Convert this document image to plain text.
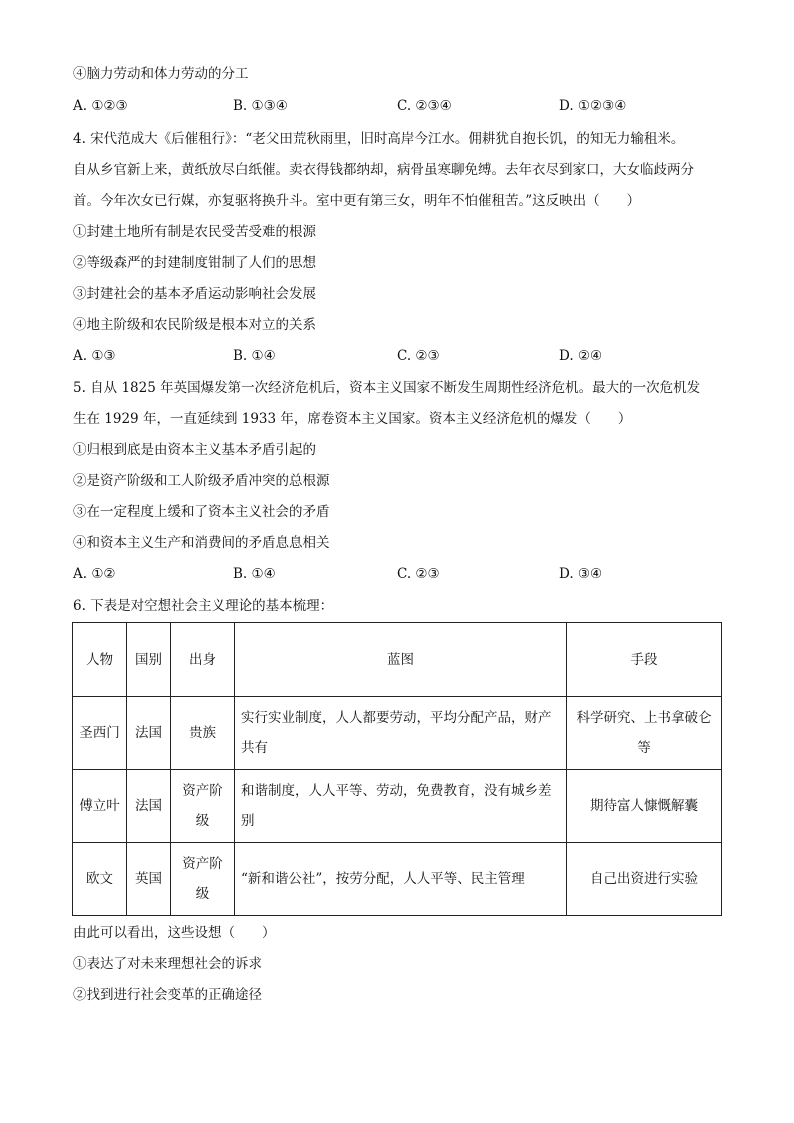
④脑力劳动和体力劳动的分工
A. ①②③	B. ①③④	C. ②③④	D. ①②③④
4. 宋代范成大《后催租行》：“老父田荒秋雨里，旧时高岸今江水。佣耕犹自抱长饥，的知无力输租米。
自从乡官新上来，黄纸放尽白纸催。卖衣得钱都纳却，病骨虽寒聊免缚。去年衣尽到家口，大女临歧两分
首。今年次女已行媒，亦复驱将换升斗。室中更有第三女，明年不怕催租苦。”这反映出（　　）
①封建土地所有制是农民受苦受难的根源
②等级森严的封建制度钳制了人们的思想
③封建社会的基本矛盾运动影响社会发展
④地主阶级和农民阶级是根本对立的关系
A. ①③	B. ①④	C. ②③	D. ②④
5. 自从 1825 年英国爆发第一次经济危机后，资本主义国家不断发生周期性经济危机。最大的一次危机发
生在 1929 年，一直延续到 1933 年，席卷资本主义国家。资本主义经济危机的爆发（　　）
①归根到底是由资本主义基本矛盾引起的
②是资产阶级和工人阶级矛盾冲突的总根源
③在一定程度上缓和了资本主义社会的矛盾
④和资本主义生产和消费间的矛盾息息相关
A. ①②	B. ①④	C. ②③	D. ③④
6. 下表是对空想社会主义理论的基本梳理：
人物	国别	出身	蓝图	手段
圣西门	法国	贵族	实行实业制度，人人都要劳动，平均分配产品，财产共有	科学研究、上书拿破仑等
傅立叶	法国	资产阶级	和谐制度，人人平等、劳动，免费教育，没有城乡差别	期待富人慷慨解囊
欧文	英国	资产阶级	“新和谐公社”，按劳分配，人人平等、民主管理	自己出资进行实验
由此可以看出，这些设想（　　）
①表达了对未来理想社会的诉求
②找到进行社会变革的正确途径
